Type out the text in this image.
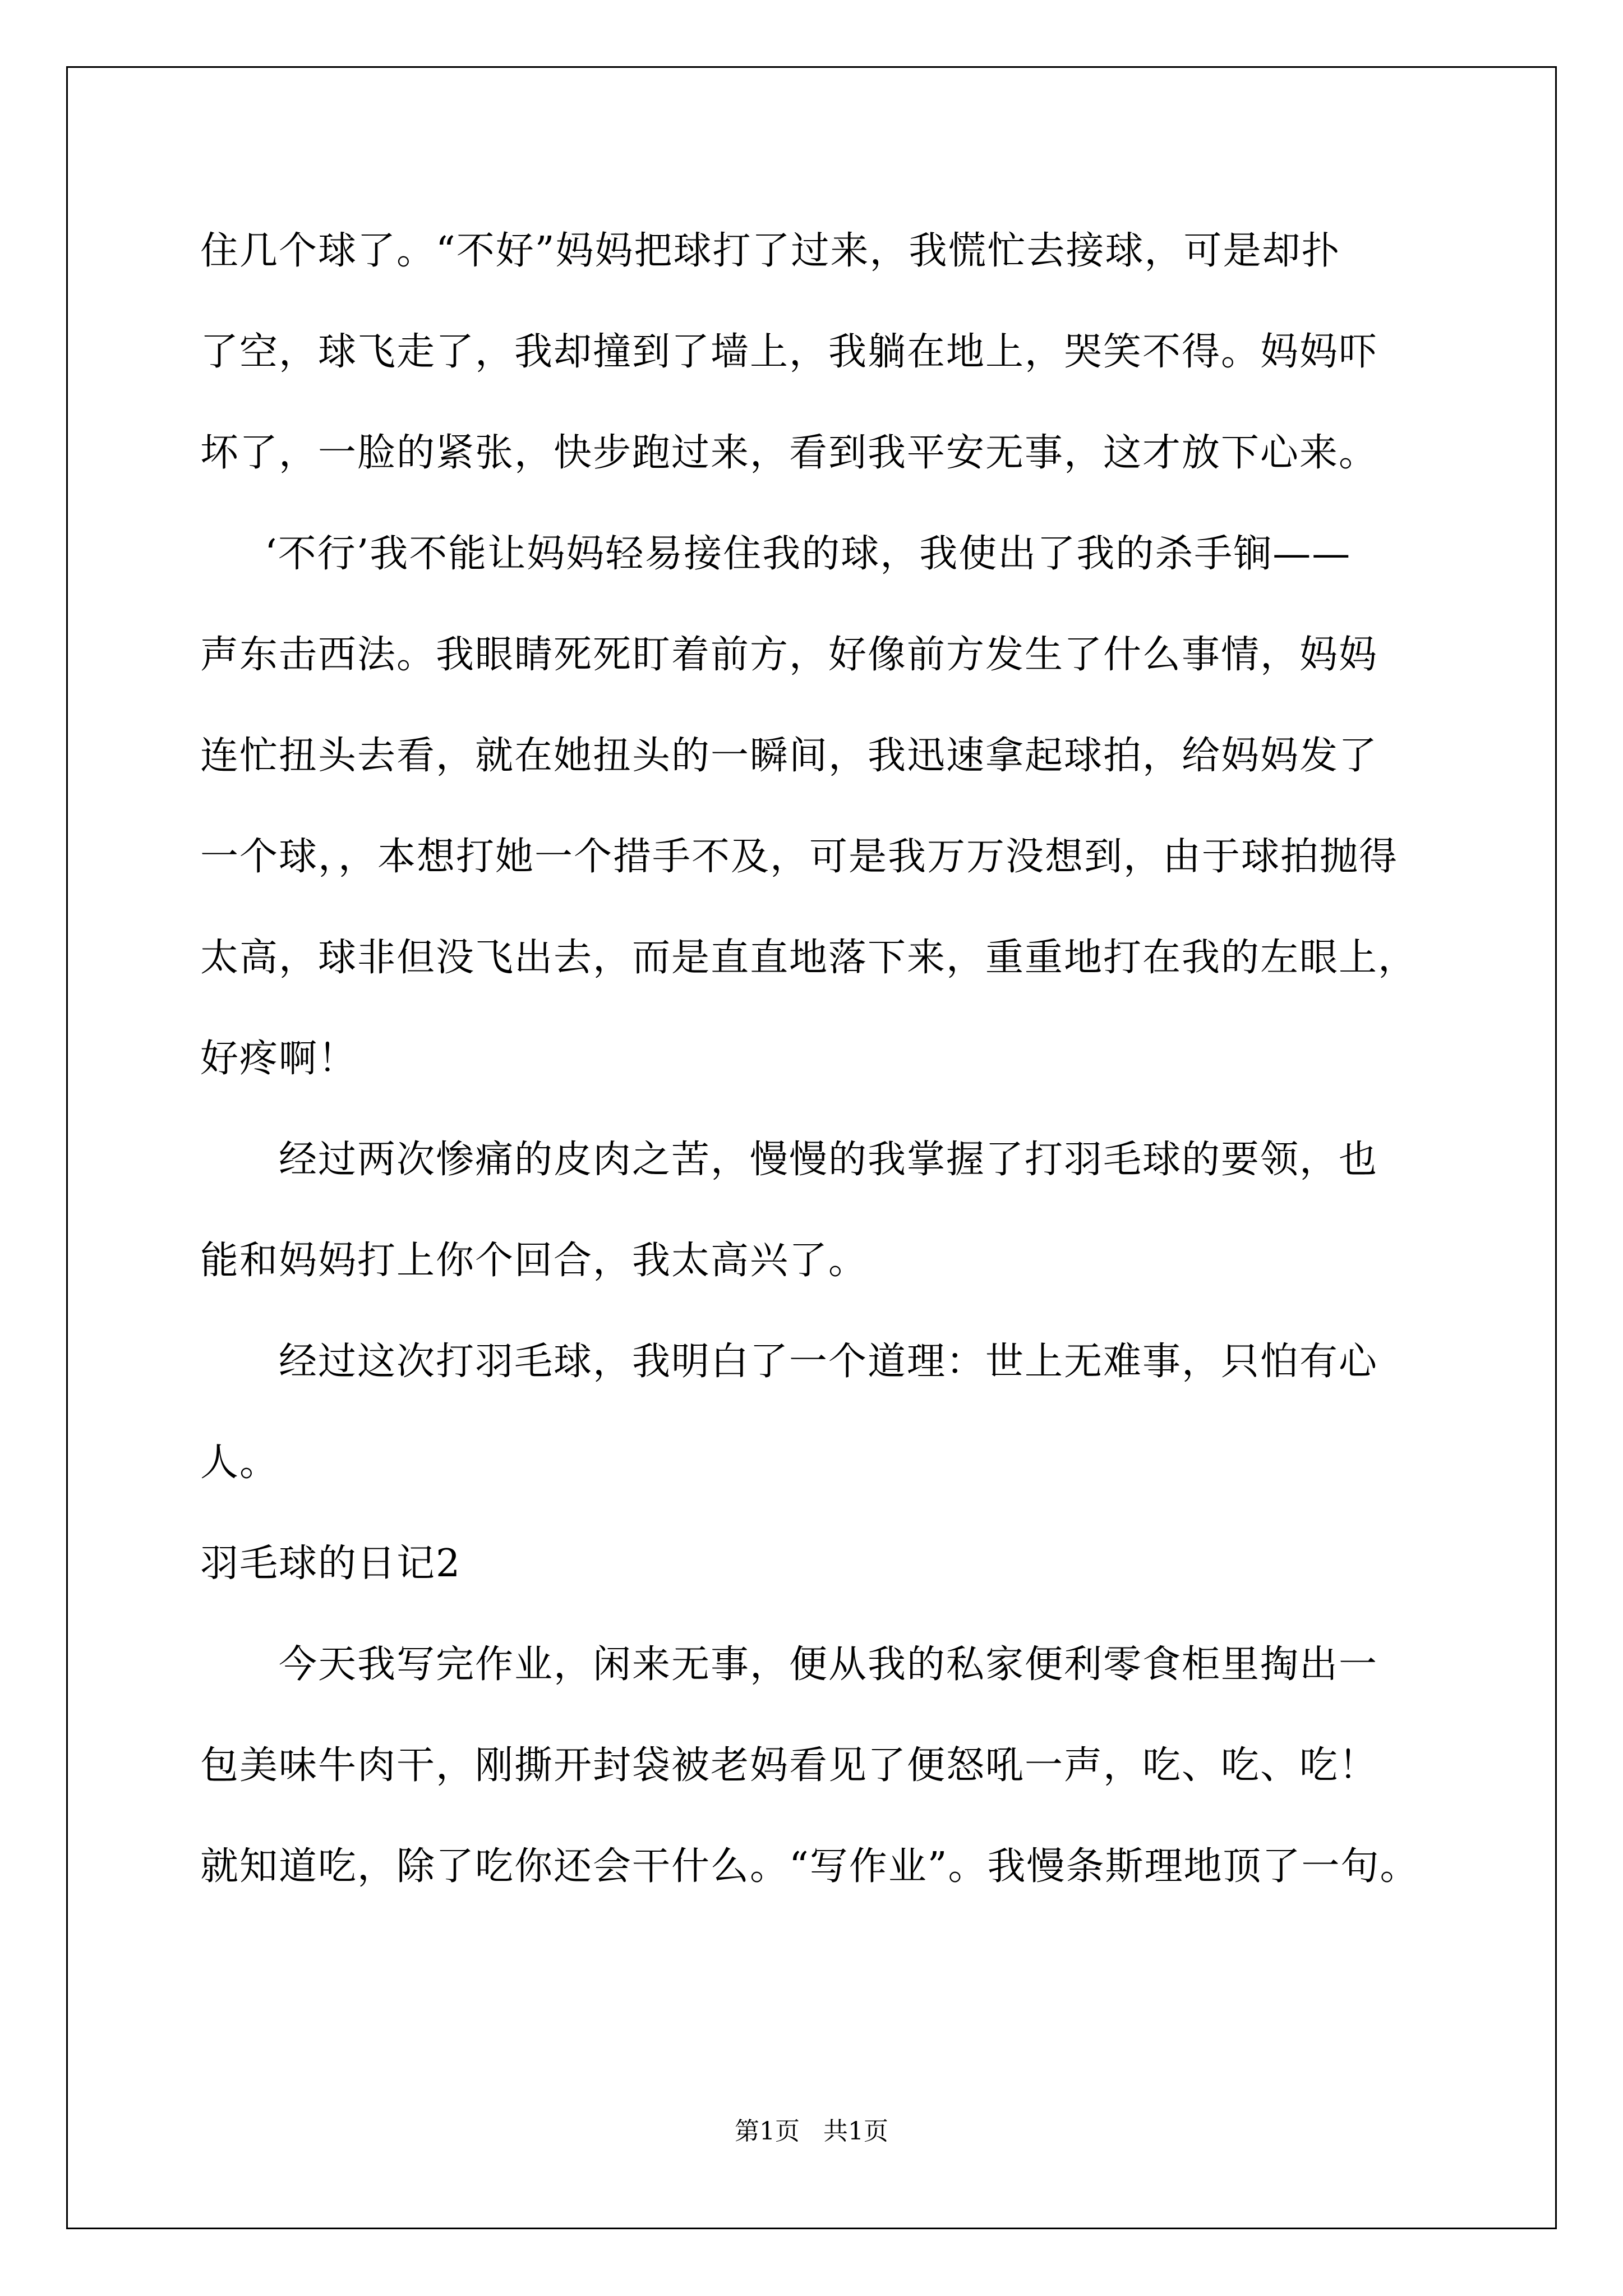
住几个球了。“不好”妈妈把球打了过来，我慌忙去接球，可是却扑
了空，球飞走了，我却撞到了墙上，我躺在地上，哭笑不得。妈妈吓
坏了，一脸的紧张，快步跑过来，看到我平安无事，这才放下心来。
‘不行’我不能让妈妈轻易接住我的球，我使出了我的杀手锏——
声东击西法。我眼睛死死盯着前方，好像前方发生了什么事情，妈妈
连忙扭头去看，就在她扭头的一瞬间，我迅速拿起球拍，给妈妈发了
一个球，，本想打她一个措手不及，可是我万万没想到，由于球拍抛得
太高，球非但没飞出去，而是直直地落下来，重重地打在我的左眼上，
好疼啊！
经过两次惨痛的皮肉之苦，慢慢的我掌握了打羽毛球的要领，也
能和妈妈打上你个回合，我太高兴了。
经过这次打羽毛球，我明白了一个道理：世上无难事，只怕有心
人。
羽毛球的日记2
今天我写完作业，闲来无事，便从我的私家便利零食柜里掏出一
包美味牛肉干，刚撕开封袋被老妈看见了便怒吼一声，吃、吃、吃！
就知道吃，除了吃你还会干什么。“写作业”。我慢条斯理地顶了一句。
第1页   共1页
